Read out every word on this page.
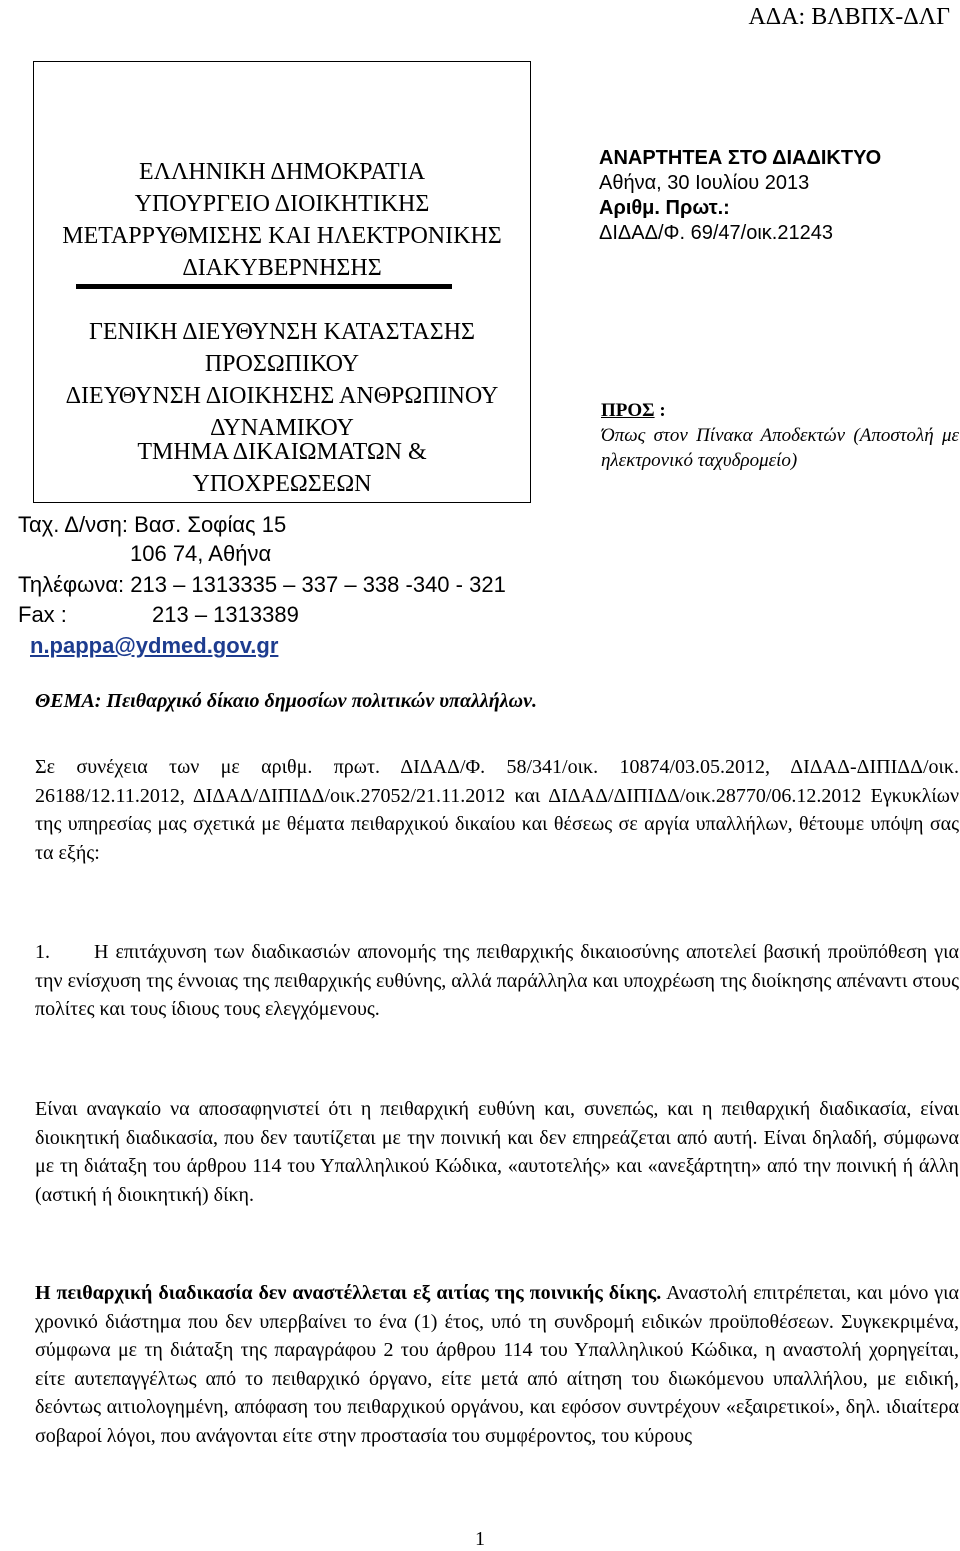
ΑΔΑ: ΒΛΒΠΧ-ΔΛΓ
ΕΛΛΗΝΙΚΗ ΔΗΜΟΚΡΑΤΙΑ
ΥΠΟΥΡΓΕΙΟ ΔΙΟΙΚΗΤΙΚΗΣ
ΜΕΤΑΡΡΥΘΜΙΣΗΣ ΚΑΙ ΗΛΕΚΤΡΟΝΙΚΗΣ
ΔΙΑΚΥΒΕΡΝΗΣΗΣ
ΓΕΝΙΚΗ ΔΙΕΥΘΥΝΣΗ ΚΑΤΑΣΤΑΣΗΣ
ΠΡΟΣΩΠΙΚΟΥ
ΔΙΕΥΘΥΝΣΗ ΔΙΟΙΚΗΣΗΣ ΑΝΘΡΩΠΙΝΟΥ
ΔΥΝΑΜΙΚΟΥ
ΤΜΗΜΑ ΔΙΚΑΙΩΜΑΤΩΝ &
ΥΠΟΧΡΕΩΣΕΩΝ
Ταχ. Δ/νση: Βασ. Σοφίας 15
106 74, Αθήνα
Τηλέφωνα: 213 – 1313335 – 337 – 338 -340 - 321
Fax :	213 – 1313389
n.pappa@ydmed.gov.gr
ΑΝΑΡΤΗΤΕΑ ΣΤΟ ΔΙΑΔΙΚΤΥΟ
Αθήνα, 30 Ιουλίου 2013
Αριθμ. Πρωτ.:
ΔΙΔΑΔ/Φ. 69/47/οικ.21243
ΠΡΟΣ :
Όπως στον Πίνακα Αποδεκτών (Αποστολή με ηλεκτρονικό ταχυδρομείο)
ΘΕΜΑ: Πειθαρχικό δίκαιο δημοσίων πολιτικών υπαλλήλων.
Σε συνέχεια των με αριθμ. πρωτ. ΔΙΔΑΔ/Φ. 58/341/οικ. 10874/03.05.2012, ΔΙΔΑΔ-ΔΙΠΙΔΔ/οικ. 26188/12.11.2012, ΔΙΔΑΔ/ΔΙΠΙΔΔ/οικ.27052/21.11.2012 και ΔΙΔΑΔ/ΔΙΠΙΔΔ/οικ.28770/06.12.2012 Εγκυκλίων της υπηρεσίας μας σχετικά με θέματα πειθαρχικού δικαίου και θέσεως σε αργία υπαλλήλων, θέτουμε υπόψη σας τα εξής:
1. Η επιτάχυνση των διαδικασιών απονομής της πειθαρχικής δικαιοσύνης αποτελεί βασική προϋπόθεση για την ενίσχυση της έννοιας της πειθαρχικής ευθύνης, αλλά παράλληλα και υποχρέωση της διοίκησης απέναντι στους πολίτες και τους ίδιους τους ελεγχόμενους.
Είναι αναγκαίο να αποσαφηνιστεί ότι η πειθαρχική ευθύνη και, συνεπώς, και η πειθαρχική διαδικασία, είναι διοικητική διαδικασία, που δεν ταυτίζεται με την ποινική και δεν επηρεάζεται από αυτή. Είναι δηλαδή, σύμφωνα με τη διάταξη του άρθρου 114 του Υπαλληλικού Κώδικα, «αυτοτελής» και «ανεξάρτητη» από την ποινική ή άλλη (αστική ή διοικητική) δίκη.
Η πειθαρχική διαδικασία δεν αναστέλλεται εξ αιτίας της ποινικής δίκης. Αναστολή επιτρέπεται, και μόνο για χρονικό διάστημα που δεν υπερβαίνει το ένα (1) έτος, υπό τη συνδρομή ειδικών προϋποθέσεων. Συγκεκριμένα, σύμφωνα με τη διάταξη της παραγράφου 2 του άρθρου 114 του Υπαλληλικού Κώδικα, η αναστολή χορηγείται, είτε αυτεπαγγέλτως από το πειθαρχικό όργανο, είτε μετά από αίτηση του διωκόμενου υπαλλήλου, με ειδική, δεόντως αιτιολογημένη, απόφαση του πειθαρχικού οργάνου, και εφόσον συντρέχουν «εξαιρετικοί», δηλ. ιδιαίτερα σοβαροί λόγοι, που ανάγονται είτε στην προστασία του συμφέροντος, του κύρους
1
